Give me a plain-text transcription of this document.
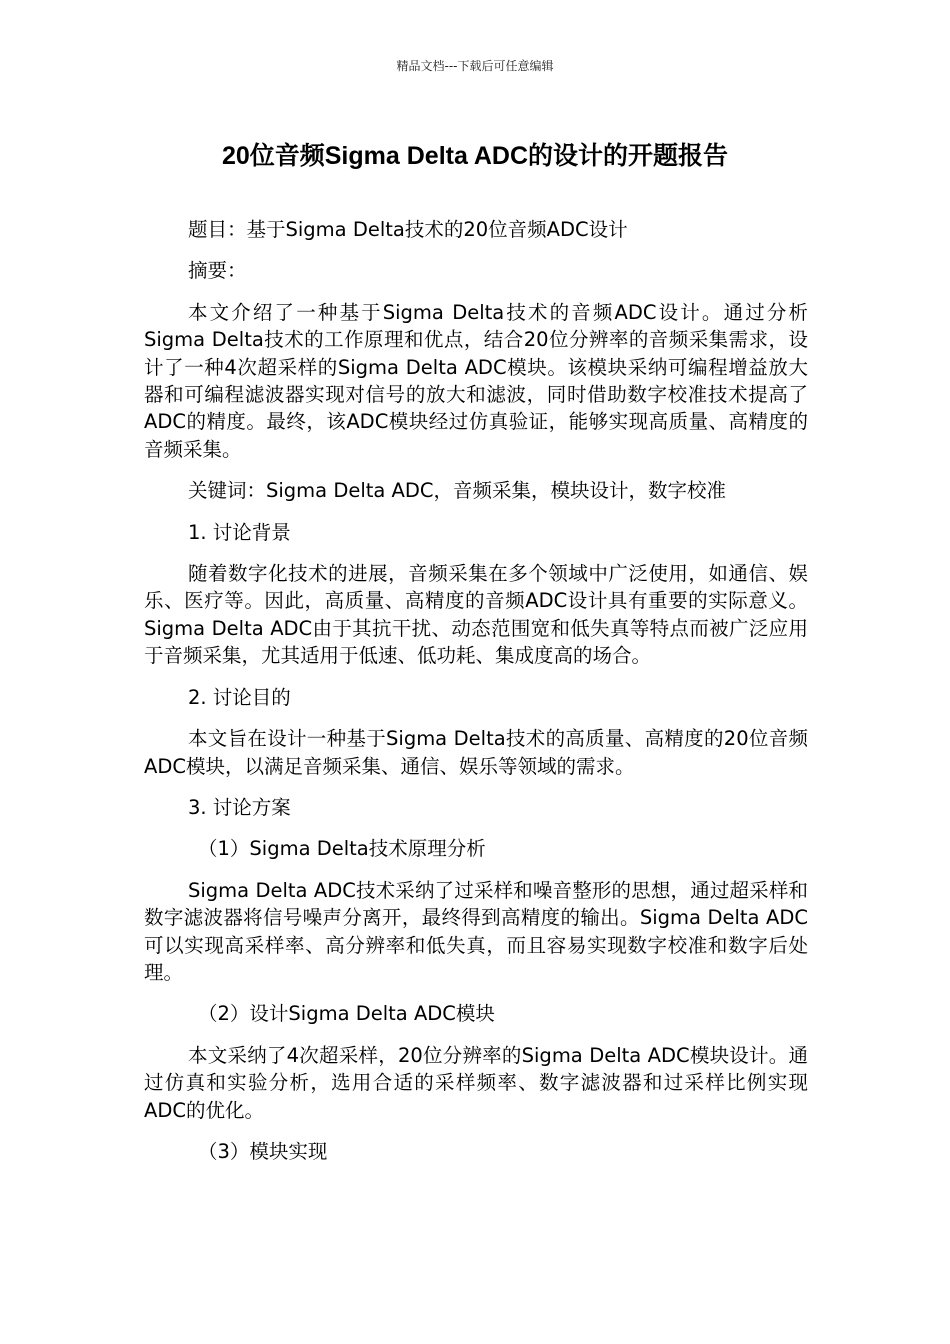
精品文档---下载后可任意编辑
20位音频Sigma Delta ADC的设计的开题报告

题目：基于Sigma Delta技术的20位音频ADC设计

摘要：

本文介绍了一种基于Sigma Delta技术的音频ADC设计。通过分析Sigma Delta技术的工作原理和优点，结合20位分辨率的音频采集需求，设计了一种4次超采样的Sigma Delta ADC模块。该模块采纳可编程增益放大器和可编程滤波器实现对信号的放大和滤波，同时借助数字校准技术提高了ADC的精度。最终，该ADC模块经过仿真验证，能够实现高质量、高精度的音频采集。

关键词：Sigma Delta ADC，音频采集，模块设计，数字校准

1. 讨论背景

随着数字化技术的进展，音频采集在多个领域中广泛使用，如通信、娱乐、医疗等。因此，高质量、高精度的音频ADC设计具有重要的实际意义。Sigma Delta ADC由于其抗干扰、动态范围宽和低失真等特点而被广泛应用于音频采集，尤其适用于低速、低功耗、集成度高的场合。

2. 讨论目的

本文旨在设计一种基于Sigma Delta技术的高质量、高精度的20位音频ADC模块，以满足音频采集、通信、娱乐等领域的需求。

3. 讨论方案

（1）Sigma Delta技术原理分析

Sigma Delta ADC技术采纳了过采样和噪音整形的思想，通过超采样和数字滤波器将信号噪声分离开，最终得到高精度的输出。Sigma Delta ADC可以实现高采样率、高分辨率和低失真，而且容易实现数字校准和数字后处理。

（2）设计Sigma Delta ADC模块

本文采纳了4次超采样，20位分辨率的Sigma Delta ADC模块设计。通过仿真和实验分析，选用合适的采样频率、数字滤波器和过采样比例实现ADC的优化。

（3）模块实现
